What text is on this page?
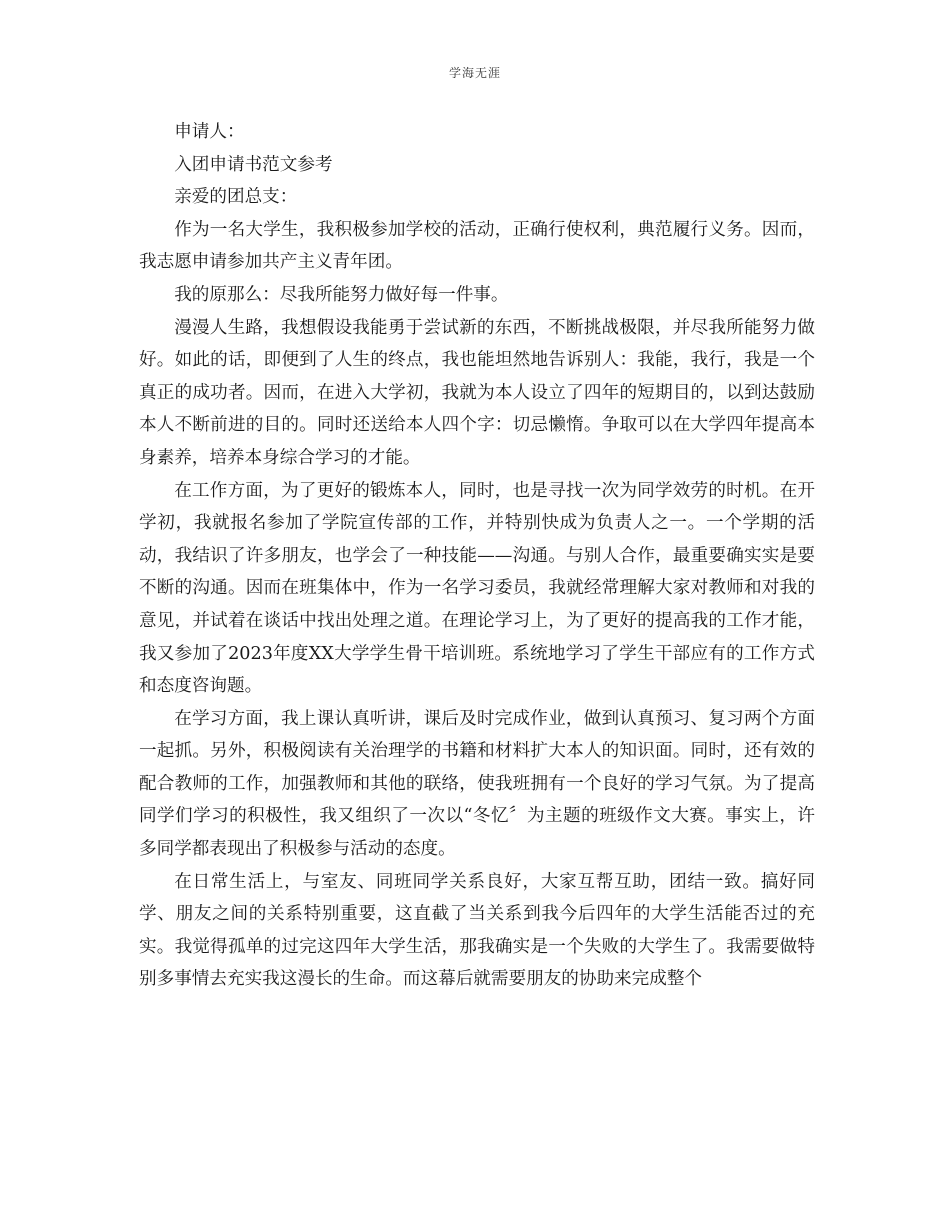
学海无涯

申请人：

入团申请书范文参考

亲爱的团总支：

作为一名大学生，我积极参加学校的活动，正确行使权利，典范履行义务。因而，我志愿申请参加共产主义青年团。

我的原那么：尽我所能努力做好每一件事。

漫漫人生路，我想假设我能勇于尝试新的东西，不断挑战极限，并尽我所能努力做好。如此的话，即便到了人生的终点，我也能坦然地告诉别人：我能，我行，我是一个真正的成功者。因而，在进入大学初，我就为本人设立了四年的短期目的，以到达鼓励本人不断前进的目的。同时还送给本人四个字：切忌懒惰。争取可以在大学四年提高本身素养，培养本身综合学习的才能。

在工作方面，为了更好的锻炼本人，同时，也是寻找一次为同学效劳的时机。在开学初，我就报名参加了学院宣传部的工作，并特别快成为负责人之一。一个学期的活动，我结识了许多朋友，也学会了一种技能——沟通。与别人合作，最重要确实实是要不断的沟通。因而在班集体中，作为一名学习委员，我就经常理解大家对教师和对我的意见，并试着在谈话中找出处理之道。在理论学习上，为了更好的提高我的工作才能，我又参加了2023年度XX大学学生骨干培训班。系统地学习了学生干部应有的工作方式和态度咨询题。

在学习方面，我上课认真听讲，课后及时完成作业，做到认真预习、复习两个方面一起抓。另外，积极阅读有关治理学的书籍和材料扩大本人的知识面。同时，还有效的配合教师的工作，加强教师和其他的联络，使我班拥有一个良好的学习气氛。为了提高同学们学习的积极性，我又组织了一次以“冬忆〞为主题的班级作文大赛。事实上，许多同学都表现出了积极参与活动的态度。

在日常生活上，与室友、同班同学关系良好，大家互帮互助，团结一致。搞好同学、朋友之间的关系特别重要，这直截了当关系到我今后四年的大学生活能否过的充实。我觉得孤单的过完这四年大学生活，那我确实是一个失败的大学生了。我需要做特别多事情去充实我这漫长的生命。而这幕后就需要朋友的协助来完成整个
